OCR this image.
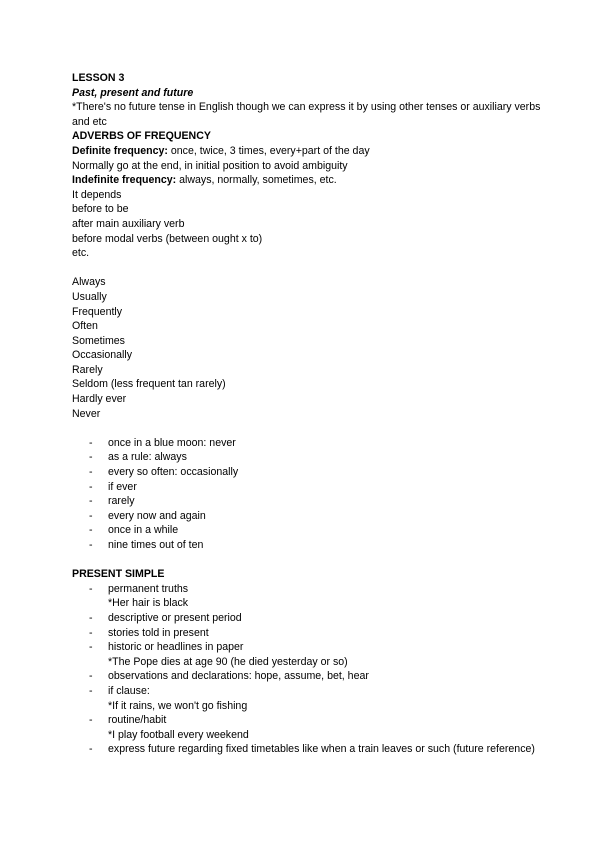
LESSON 3

Past, present and future

*There's no future tense in English though we can express it by using other tenses or auxiliary verbs and etc

ADVERBS OF FREQUENCY

Definite frequency: once, twice, 3 times, every+part of the day

Normally go at the end, in initial position to avoid ambiguity

Indefinite frequency: always, normally, sometimes, etc.

It depends

before to be

after main auxiliary verb

before modal verbs (between ought x to)

etc.

Always

Usually

Frequently

Often

Sometimes

Occasionally

Rarely

Seldom (less frequent tan rarely)

Hardly ever

Never

- once in a blue moon: never
- as a rule: always
- every so often: occasionally
- if ever
- rarely
- every now and again
- once in a while
- nine times out of ten

PRESENT SIMPLE

- permanent truths
*Her hair is black
- descriptive or present period
- stories told in present
- historic or headlines in paper
*The Pope dies at age 90 (he died yesterday or so)
- observations and declarations: hope, assume, bet, hear
- if clause:
*If it rains, we won't go fishing
- routine/habit
*I play football every weekend
- express future regarding fixed timetables like when a train leaves or such (future reference)
